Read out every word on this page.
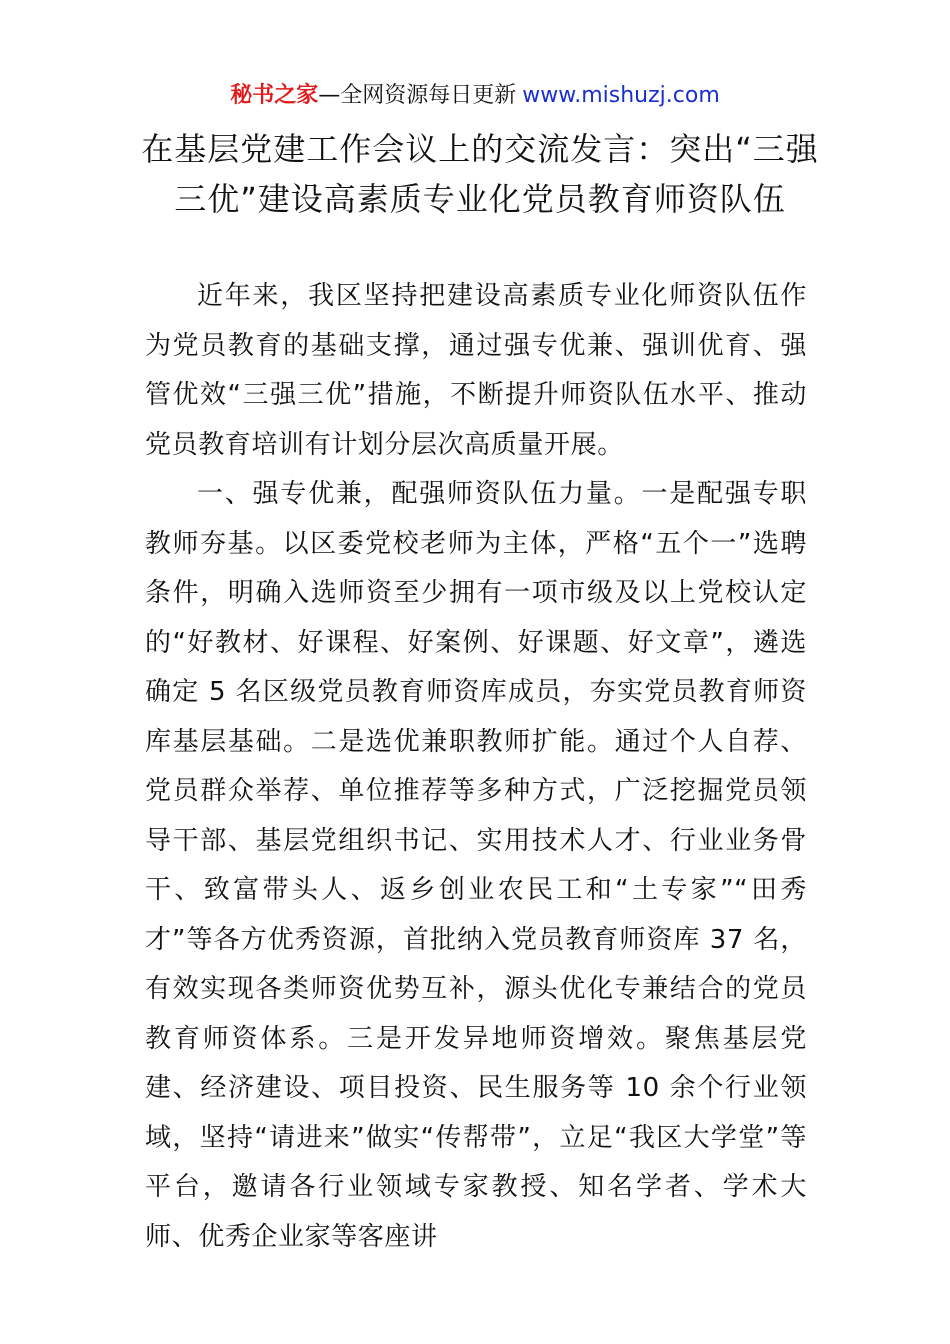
秘书之家—全网资源每日更新 www.mishuzj.com
在基层党建工作会议上的交流发言：突出“三强三优”建设高素质专业化党员教育师资队伍

近年来，我区坚持把建设高素质专业化师资队伍作为党员教育的基础支撑，通过强专优兼、强训优育、强管优效“三强三优”措施，不断提升师资队伍水平、推动党员教育培训有计划分层次高质量开展。

一、强专优兼，配强师资队伍力量。一是配强专职教师夯基。以区委党校老师为主体，严格“五个一”选聘条件，明确入选师资至少拥有一项市级及以上党校认定的“好教材、好课程、好案例、好课题、好文章”，遴选确定 5 名区级党员教育师资库成员，夯实党员教育师资库基层基础。二是选优兼职教师扩能。通过个人自荐、党员群众举荐、单位推荐等多种方式，广泛挖掘党员领导干部、基层党组织书记、实用技术人才、行业业务骨干、致富带头人、返乡创业农民工和“土专家”“田秀才”等各方优秀资源，首批纳入党员教育师资库 37 名，有效实现各类师资优势互补，源头优化专兼结合的党员教育师资体系。三是开发异地师资增效。聚焦基层党建、经济建设、项目投资、民生服务等 10 余个行业领域，坚持“请进来”做实“传帮带”，立足“我区大学堂”等平台，邀请各行业领域专家教授、知名学者、学术大师、优秀企业家等客座讲
